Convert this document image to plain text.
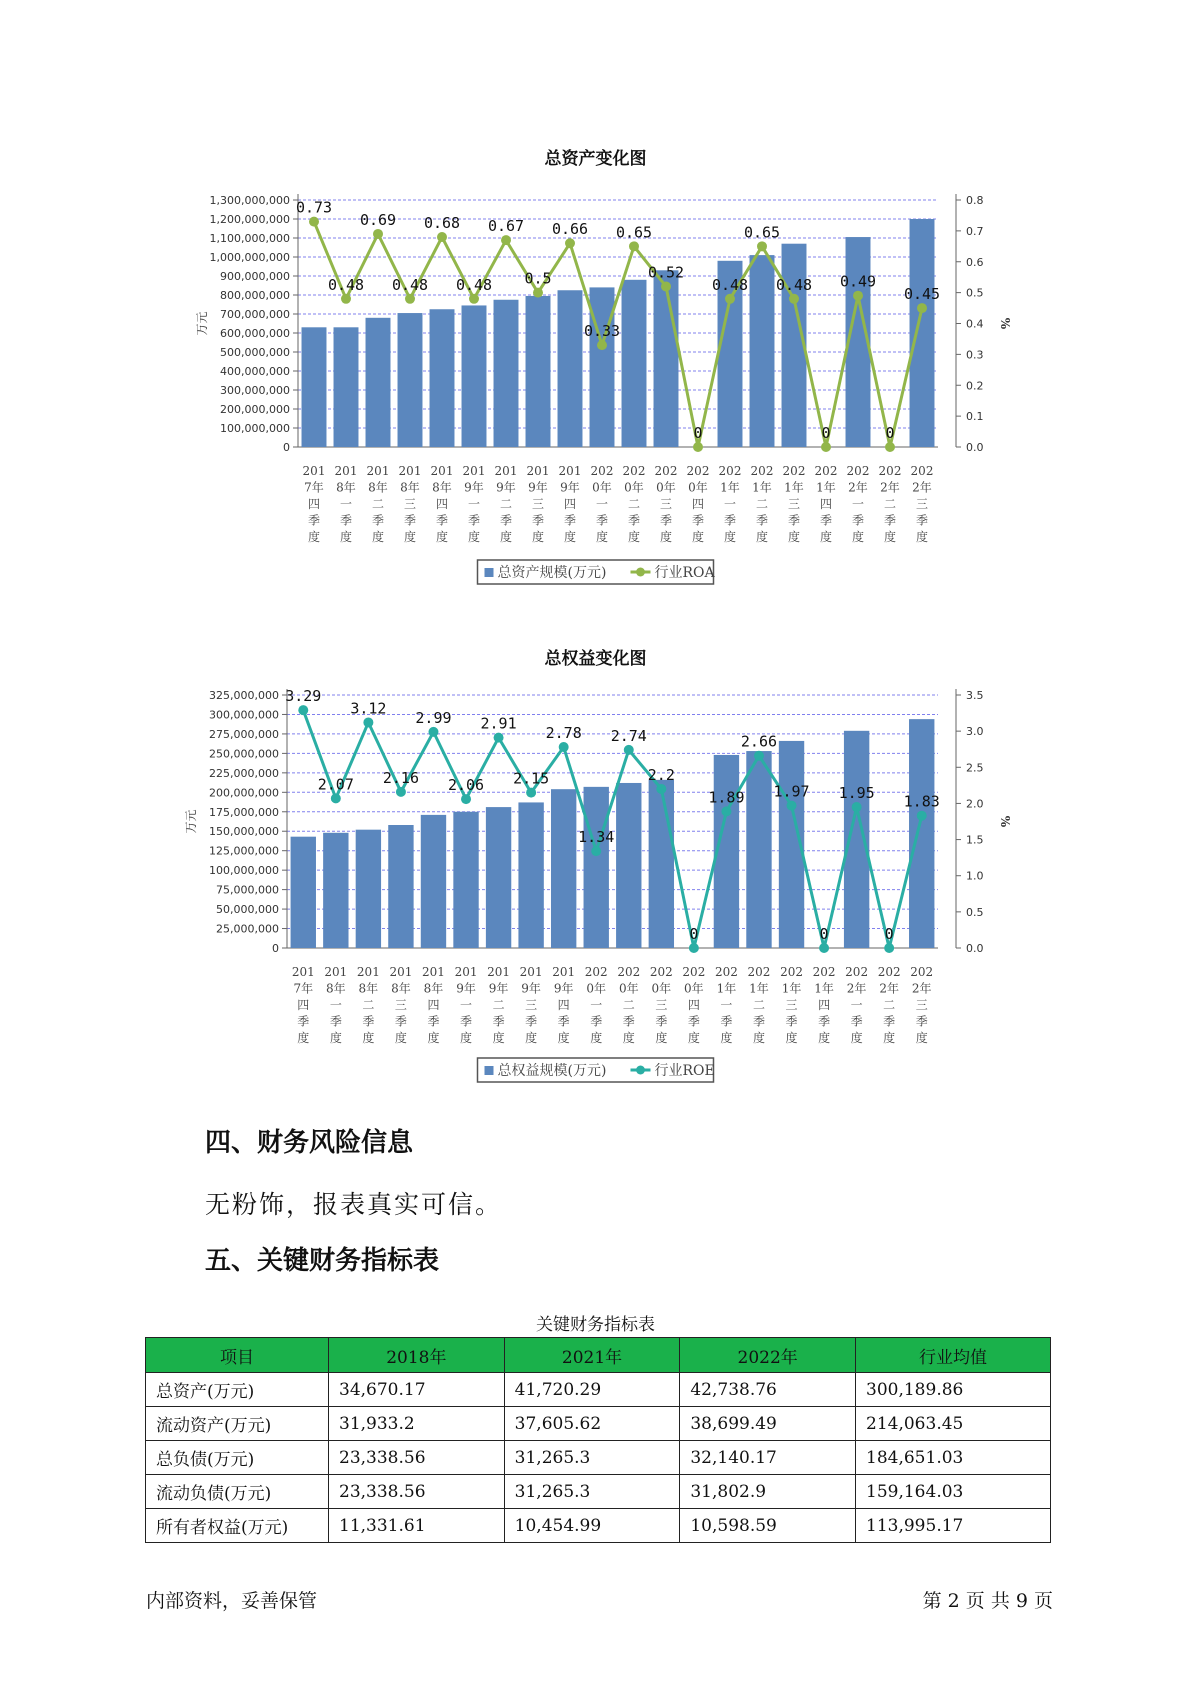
总资产变化图
0
100,000,000
200,000,000
300,000,000
400,000,000
500,000,000
600,000,000
700,000,000
800,000,000
900,000,000
1,000,000,000
1,100,000,000
1,200,000,000
1,300,000,000
0.0
0.1
0.2
0.3
0.4
0.5
0.6
0.7
0.8
万元	%
201 7年四季度
201 8年一季度
201 8年二季度
201 8年三季度
201 8年四季度
201 9年一季度
201 9年二季度
201 9年三季度
201 9年四季度
202 0年一季度
202 0年二季度
202 0年三季度
202 0年四季度
202 1年一季度
202 1年二季度
202 1年三季度
202 1年四季度
202 2年一季度
202 2年二季度
202 2年三季度
0.73
0.48
0.69
0.48
0.68
0.48
0.67
0.5
0.66
0.33
0.65
0.52
0
0.48
0.65
0.48
0
0.49
0
0.45
总资产规模(万元)	行业ROA
总权益变化图
0
25,000,000
50,000,000
75,000,000
100,000,000
125,000,000
150,000,000
175,000,000
200,000,000
225,000,000
250,000,000
275,000,000
300,000,000
325,000,000
0.0
0.5
1.0
1.5
2.0
2.5
3.0
3.5
万元	%
201 7年四季度
201 8年一季度
201 8年二季度
201 8年三季度
201 8年四季度
201 9年一季度
201 9年二季度
201 9年三季度
201 9年四季度
202 0年一季度
202 0年二季度
202 0年三季度
202 0年四季度
202 1年一季度
202 1年二季度
202 1年三季度
202 1年四季度
202 2年一季度
202 2年二季度
202 2年三季度
3.29
2.07
3.12
2.16
2.99
2.06
2.91
2.15
2.78
1.34
2.74
2.2
0
1.89
2.66
1.97
0
1.95
0
1.83
总权益规模(万元)	行业ROE
四、财务风险信息

无粉饰，报表真实可信。

五、关键财务指标表
关键财务指标表
项目	2018年	2021年	2022年	行业均值
总资产(万元)	34,670.17	41,720.29	42,738.76	300,189.86
流动资产(万元)	31,933.2	37,605.62	38,699.49	214,063.45
总负债(万元)	23,338.56	31,265.3	32,140.17	184,651.03
流动负债(万元)	23,338.56	31,265.3	31,802.9	159,164.03
所有者权益(万元)	11,331.61	10,454.99	10,598.59	113,995.17
内部资料，妥善保管	第 2 页 共 9 页
